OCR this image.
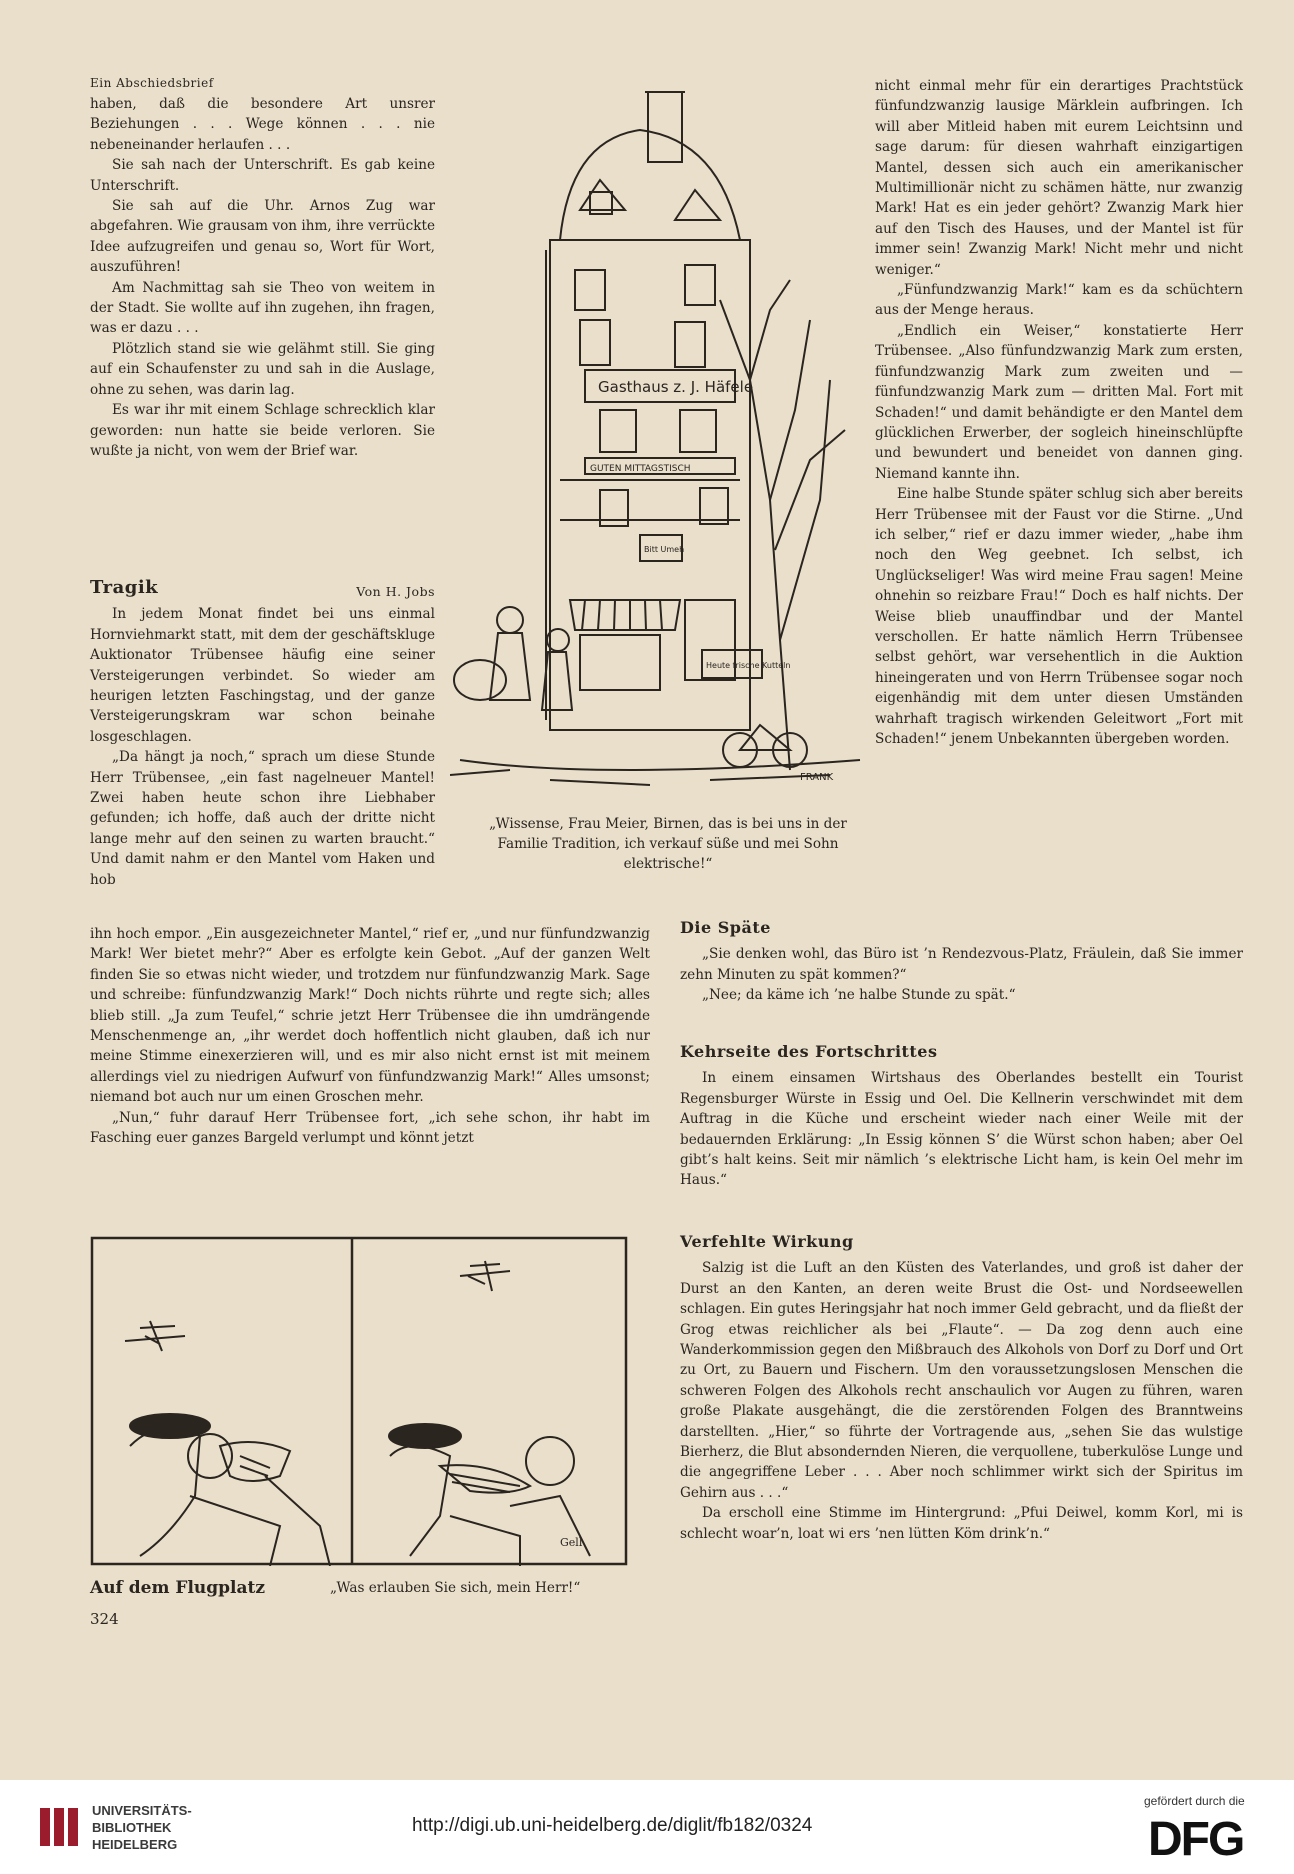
Ein Abschiedsbrief

haben, daß die besondere Art unsrer Beziehungen . . . Wege können . . . nie nebeneinander herlaufen . . .

Sie sah nach der Unterschrift. Es gab keine Unterschrift.

Sie sah auf die Uhr. Arnos Zug war abgefahren. Wie grausam von ihm, ihre verrückte Idee aufzugreifen und genau so, Wort für Wort, auszuführen!

Am Nachmittag sah sie Theo von weitem in der Stadt. Sie wollte auf ihn zugehen, ihn fragen, was er dazu . . .

Plötzlich stand sie wie gelähmt still. Sie ging auf ein Schaufenster zu und sah in die Auslage, ohne zu sehen, was darin lag.

Es war ihr mit einem Schlage schrecklich klar geworden: nun hatte sie beide verloren. Sie wußte ja nicht, von wem der Brief war.

Tragik	Von H. Jobs

In jedem Monat findet bei uns einmal Hornviehmarkt statt, mit dem der geschäftskluge Auktionator Trübensee häufig eine seiner Versteigerungen verbindet. So wieder am heurigen letzten Faschingstag, und der ganze Versteigerungskram war schon beinahe losgeschlagen.

„Da hängt ja noch,“ sprach um diese Stunde Herr Trübensee, „ein fast nagelneuer Mantel! Zwei haben heute schon ihre Liebhaber gefunden; ich hoffe, daß auch der dritte nicht lange mehr auf den seinen zu warten braucht.“ Und damit nahm er den Mantel vom Haken und hob

ihn hoch empor. „Ein ausgezeichneter Mantel,“ rief er, „und nur fünfundzwanzig Mark! Wer bietet mehr?“ Aber es erfolgte kein Gebot. „Auf der ganzen Welt finden Sie so etwas nicht wieder, und trotzdem nur fünfundzwanzig Mark. Sage und schreibe: fünfundzwanzig Mark!“ Doch nichts rührte und regte sich; alles blieb still. „Ja zum Teufel,“ schrie jetzt Herr Trübensee die ihn umdrängende Menschenmenge an, „ihr werdet doch hoffentlich nicht glauben, daß ich nur meine Stimme einexerzieren will, und es mir also nicht ernst ist mit meinem allerdings viel zu niedrigen Aufwurf von fünfundzwanzig Mark!“ Alles umsonst; niemand bot auch nur um einen Groschen mehr.

„Nun,“ fuhr darauf Herr Trübensee fort, „ich sehe schon, ihr habt im Fasching euer ganzes Bargeld verlumpt und könnt jetzt

Gasthaus z. J. Häfele
GUTEN MITTAGSTISCH
Bitt Umeh
Heute frische Kutteln
FRANK
„Wissense, Frau Meier, Birnen, das is bei uns in der Familie Tradition, ich verkauf süße und mei Sohn elektrische!“

nicht einmal mehr für ein derartiges Prachtstück fünfundzwanzig lausige Märklein aufbringen. Ich will aber Mitleid haben mit eurem Leichtsinn und sage darum: für diesen wahrhaft einzigartigen Mantel, dessen sich auch ein amerikanischer Multimillionär nicht zu schämen hätte, nur zwanzig Mark! Hat es ein jeder gehört? Zwanzig Mark hier auf den Tisch des Hauses, und der Mantel ist für immer sein! Zwanzig Mark! Nicht mehr und nicht weniger.“

„Fünfundzwanzig Mark!“ kam es da schüchtern aus der Menge heraus.

„Endlich ein Weiser,“ konstatierte Herr Trübensee. „Also fünfundzwanzig Mark zum ersten, fünfundzwanzig Mark zum zweiten und — fünfundzwanzig Mark zum — dritten Mal. Fort mit Schaden!“ und damit behändigte er den Mantel dem glücklichen Erwerber, der sogleich hineinschlüpfte und bewundert und beneidet von dannen ging. Niemand kannte ihn.

Eine halbe Stunde später schlug sich aber bereits Herr Trübensee mit der Faust vor die Stirne. „Und ich selber,“ rief er dazu immer wieder, „habe ihm noch den Weg geebnet. Ich selbst, ich Unglückseliger! Was wird meine Frau sagen! Meine ohnehin so reizbare Frau!“ Doch es half nichts. Der Weise blieb unauffindbar und der Mantel verschollen. Er hatte nämlich Herrn Trübensee selbst gehört, war versehentlich in die Auktion hineingeraten und von Herrn Trübensee sogar noch eigenhändig mit dem unter diesen Umständen wahrhaft tragisch wirkenden Geleitwort „Fort mit Schaden!“ jenem Unbekannten übergeben worden.

Die Späte

„Sie denken wohl, das Büro ist ’n Rendezvous-Platz, Fräulein, daß Sie immer zehn Minuten zu spät kommen?“

„Nee; da käme ich ’ne halbe Stunde zu spät.“

Kehrseite des Fortschrittes

In einem einsamen Wirtshaus des Oberlandes bestellt ein Tourist Regensburger Würste in Essig und Oel. Die Kellnerin verschwindet mit dem Auftrag in die Küche und erscheint wieder nach einer Weile mit der bedauernden Erklärung: „In Essig können S’ die Würst schon haben; aber Oel gibt’s halt keins. Seit mir nämlich ’s elektrische Licht ham, is kein Oel mehr im Haus.“

Verfehlte Wirkung

Salzig ist die Luft an den Küsten des Vaterlandes, und groß ist daher der Durst an den Kanten, an deren weite Brust die Ost- und Nordseewellen schlagen. Ein gutes Heringsjahr hat noch immer Geld gebracht, und da fließt der Grog etwas reichlicher als bei „Flaute“. — Da zog denn auch eine Wanderkommission gegen den Mißbrauch des Alkohols von Dorf zu Dorf und Ort zu Ort, zu Bauern und Fischern. Um den voraussetzungslosen Menschen die schweren Folgen des Alkohols recht anschaulich vor Augen zu führen, waren große Plakate ausgehängt, die die zerstörenden Folgen des Branntweins darstellten. „Hier,“ so führte der Vortragende aus, „sehen Sie das wulstige Bierherz, die Blut absondernden Nieren, die verquollene, tuberkulöse Lunge und die angegriffene Leber . . . Aber noch schlimmer wirkt sich der Spiritus im Gehirn aus . . .“

Da erscholl eine Stimme im Hintergrund: „Pfui Deiwel, komm Korl, mi is schlecht woar’n, loat wi ers ’nen lütten Köm drink’n.“

Gell
Auf dem Flugplatz	„Was erlauben Sie sich, mein Herr!“
324
UNIVERSITÄTS-
BIBLIOTHEK
HEIDELBERG
http://digi.ub.uni-heidelberg.de/diglit/fb182/0324
gefördert durch die
DFG
